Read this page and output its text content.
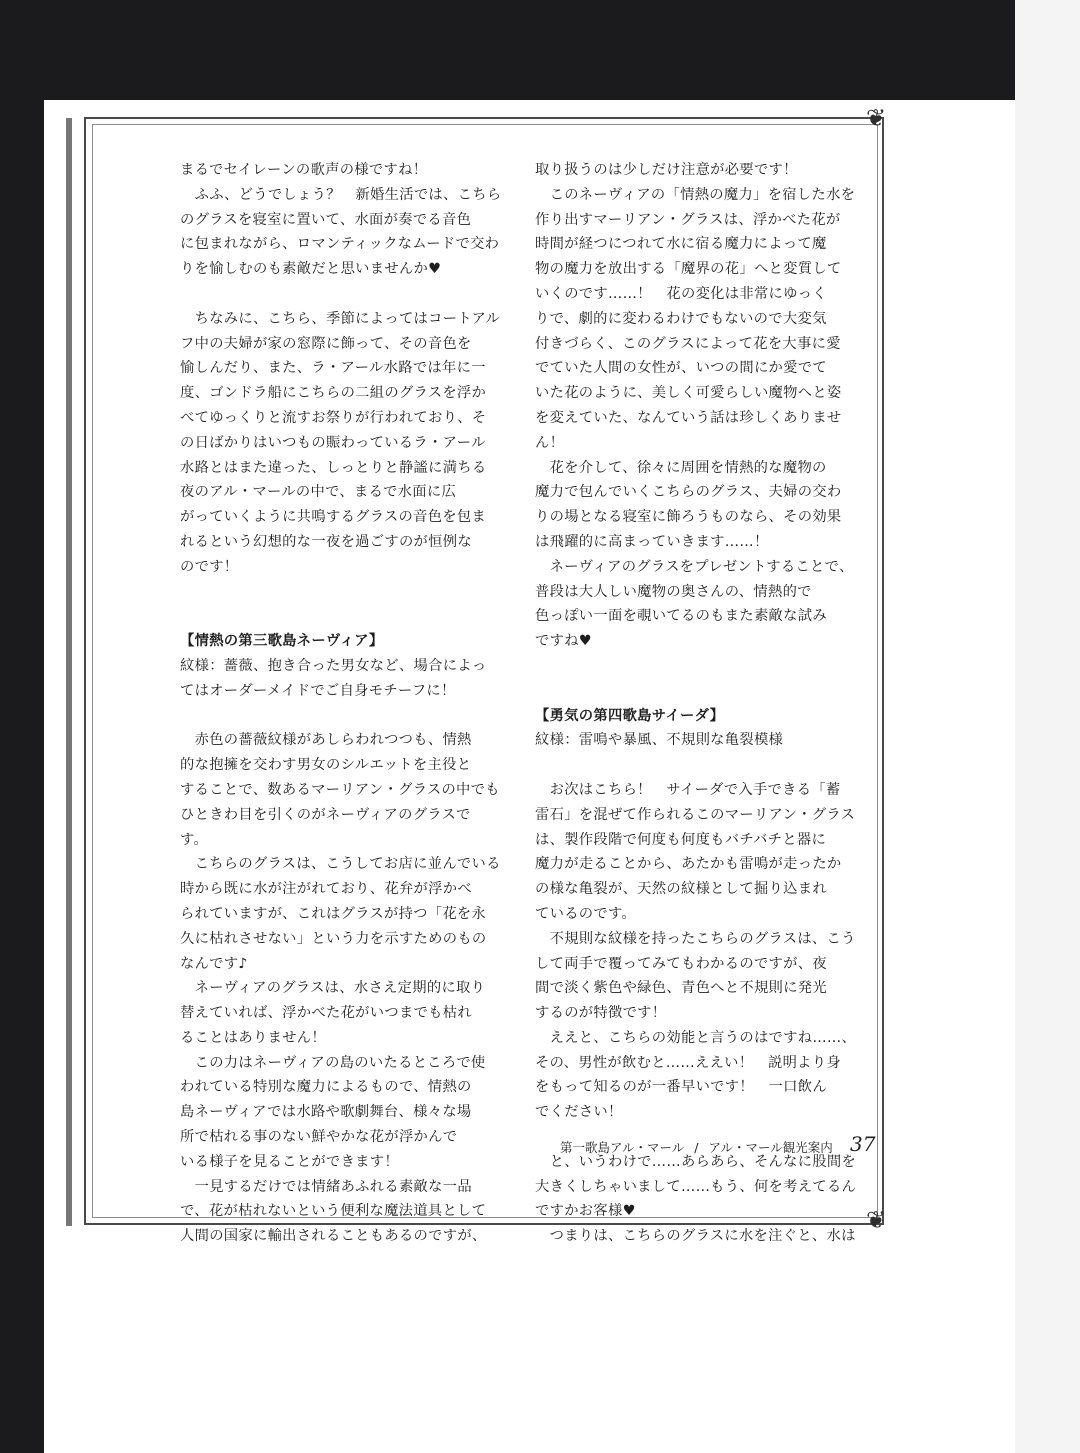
❦
❦
まるでセイレーンの歌声の様ですね！
　ふふ、どうでしょう？　新婚生活では、こちら
のグラスを寝室に置いて、水面が奏でる音色
に包まれながら、ロマンティックなムードで交わ
りを愉しむのも素敵だと思いませんか♥
　ちなみに、こちら、季節によってはコートアル
フ中の夫婦が家の窓際に飾って、その音色を
愉しんだり、また、ラ・アール水路では年に一
度、ゴンドラ船にこちらの二組のグラスを浮か
べてゆっくりと流すお祭りが行われており、そ
の日ばかりはいつもの賑わっているラ・アール
水路とはまた違った、しっとりと静謐に満ちる
夜のアル・マールの中で、まるで水面に広
がっていくように共鳴するグラスの音色を包ま
れるという幻想的な一夜を過ごすのが恒例な
のです！
【情熱の第三歌島ネーヴィア】
紋様：薔薇、抱き合った男女など、場合によっ
てはオーダーメイドでご自身モチーフに！
　赤色の薔薇紋様があしらわれつつも、情熱
的な抱擁を交わす男女のシルエットを主役と
することで、数あるマーリアン・グラスの中でも
ひときわ目を引くのがネーヴィアのグラスで
す。
　こちらのグラスは、こうしてお店に並んでいる
時から既に水が注がれており、花弁が浮かべ
られていますが、これはグラスが持つ「花を永
久に枯れさせない」という力を示すためのもの
なんです♪
　ネーヴィアのグラスは、水さえ定期的に取り
替えていれば、浮かべた花がいつまでも枯れ
ることはありません！
　この力はネーヴィアの島のいたるところで使
われている特別な魔力によるもので、情熱の
島ネーヴィアでは水路や歌劇舞台、様々な場
所で枯れる事のない鮮やかな花が浮かんで
いる様子を見ることができます！
　一見するだけでは情緒あふれる素敵な一品
で、花が枯れないという便利な魔法道具として
人間の国家に輸出されることもあるのですが、
取り扱うのは少しだけ注意が必要です！
　このネーヴィアの「情熱の魔力」を宿した水を
作り出すマーリアン・グラスは、浮かべた花が
時間が経つにつれて水に宿る魔力によって魔
物の魔力を放出する「魔界の花」へと変質して
いくのです……！　花の変化は非常にゆっく
りで、劇的に変わるわけでもないので大変気
付きづらく、このグラスによって花を大事に愛
でていた人間の女性が、いつの間にか愛でて
いた花のように、美しく可愛らしい魔物へと姿
を変えていた、なんていう話は珍しくありませ
ん！
　花を介して、徐々に周囲を情熱的な魔物の
魔力で包んでいくこちらのグラス、夫婦の交わ
りの場となる寝室に飾ろうものなら、その効果
は飛躍的に高まっていきます……！
　ネーヴィアのグラスをプレゼントすることで、
普段は大人しい魔物の奥さんの、情熱的で
色っぽい一面を覗いてるのもまた素敵な試み
ですね♥
【勇気の第四歌島サイーダ】
紋様：雷鳴や暴風、不規則な亀裂模様
　お次はこちら！　サイーダで入手できる「蓄
雷石」を混ぜて作られるこのマーリアン・グラス
は、製作段階で何度も何度もバチバチと器に
魔力が走ることから、あたかも雷鳴が走ったか
の様な亀裂が、天然の紋様として掘り込まれ
ているのです。
　不規則な紋様を持ったこちらのグラスは、こう
して両手で覆ってみてもわかるのですが、夜
間で淡く紫色や緑色、青色へと不規則に発光
するのが特徴です！
　ええと、こちらの効能と言うのはですね……、
その、男性が飲むと……ええい！　説明より身
をもって知るのが一番早いです！　一口飲ん
でください！
　と、いうわけで……あらあら、そんなに股間を
大きくしちゃいまして……もう、何を考えてるん
ですかお客様♥
　つまりは、こちらのグラスに水を注ぐと、水は
第一歌島アル・マール / アル・マール観光案内 37
